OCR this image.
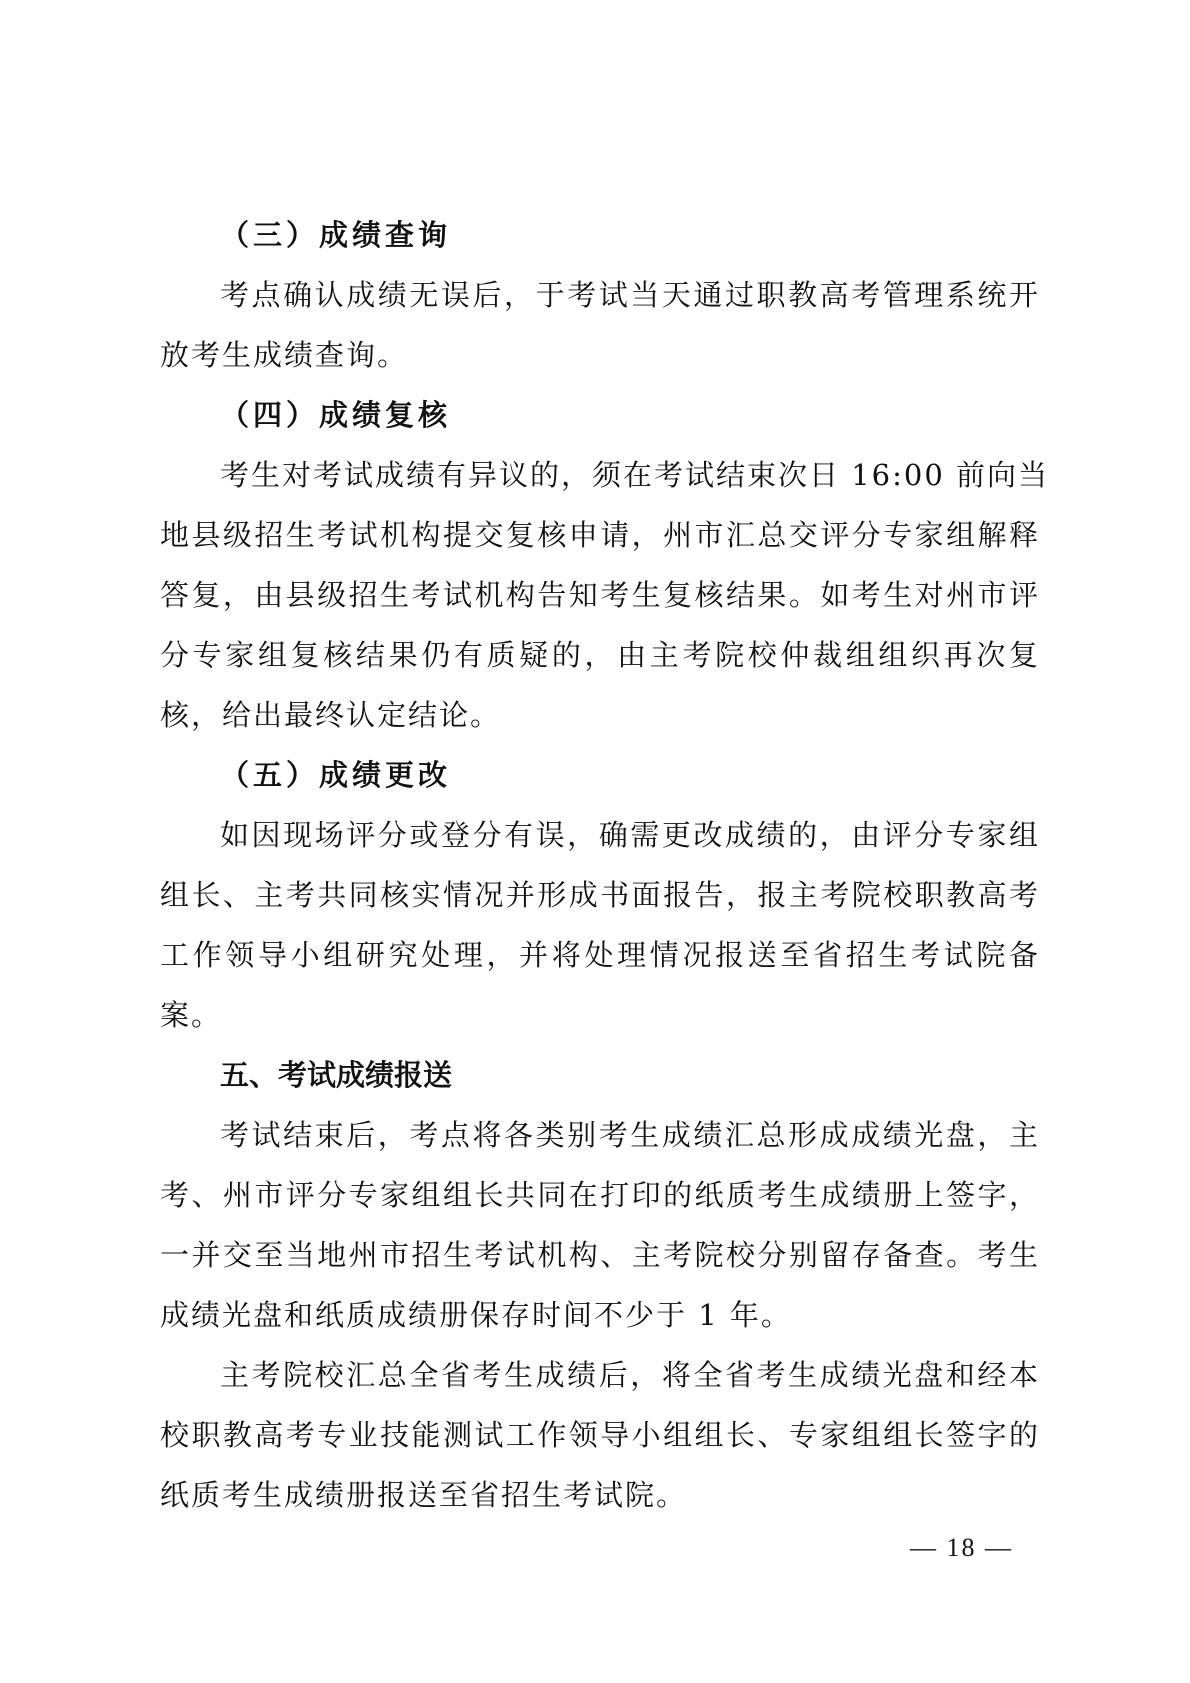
（三）成绩查询
考点确认成绩无误后，于考试当天通过职教高考管理系统开
放考生成绩查询。
（四）成绩复核
考生对考试成绩有异议的，须在考试结束次日 16:00 前向当
地县级招生考试机构提交复核申请，州市汇总交评分专家组解释
答复，由县级招生考试机构告知考生复核结果。如考生对州市评
分专家组复核结果仍有质疑的，由主考院校仲裁组组织再次复
核，给出最终认定结论。
（五）成绩更改
如因现场评分或登分有误，确需更改成绩的，由评分专家组
组长、主考共同核实情况并形成书面报告，报主考院校职教高考
工作领导小组研究处理，并将处理情况报送至省招生考试院备
案。
五、考试成绩报送
考试结束后，考点将各类别考生成绩汇总形成成绩光盘，主
考、州市评分专家组组长共同在打印的纸质考生成绩册上签字，
一并交至当地州市招生考试机构、主考院校分别留存备查。考生
成绩光盘和纸质成绩册保存时间不少于 1 年。
主考院校汇总全省考生成绩后，将全省考生成绩光盘和经本
校职教高考专业技能测试工作领导小组组长、专家组组长签字的
纸质考生成绩册报送至省招生考试院。
— 18 —
